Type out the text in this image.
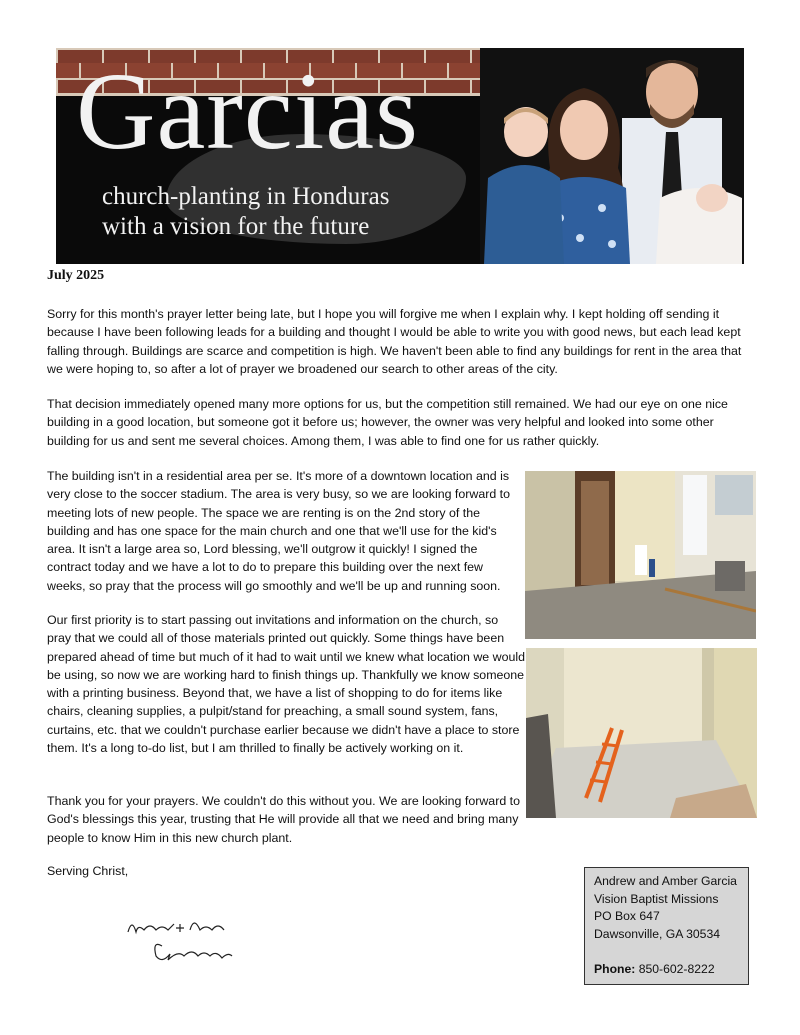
Garcias

church-planting in Honduras
with a vision for the future

July 2025

Sorry for this month's prayer letter being late, but I hope you will forgive me when I explain why. I kept holding off sending it because I have been following leads for a building and thought I would be able to write you with good news, but each lead kept falling through. Buildings are scarce and competition is high. We haven't been able to find any buildings for rent in the area that we were hoping to, so after a lot of prayer we broadened our search to other areas of the city.

That decision immediately opened many more options for us, but the competition still remained. We had our eye on one nice building in a good location, but someone got it before us; however, the owner was very helpful and looked into some other building for us and sent me several choices. Among them, I was able to find one for us rather quickly.

The building isn't in a residential area per se. It's more of a downtown location and is very close to the soccer stadium. The area is very busy, so we are looking forward to meeting lots of new people. The space we are renting is on the 2nd story of the building and has one space for the main church and one that we'll use for the kid's area. It isn't a large area so, Lord blessing, we'll outgrow it quickly! I signed the contract today and we have a lot to do to prepare this building over the next few weeks, so pray that the process will go smoothly and we'll be up and running soon.

Our first priority is to start passing out invitations and information on the church, so pray that we could all of those materials printed out quickly. Some things have been prepared ahead of time but much of it had to wait until we knew what location we would be using, so now we are working hard to finish things up. Thankfully we know someone with a printing business. Beyond that, we have a list of shopping to do for items like chairs, cleaning supplies, a pulpit/stand for preaching, a small sound system, fans, curtains, etc. that we couldn't purchase earlier because we didn't have a place to store them. It's a long to-do list, but I am thrilled to finally be actively working on it.

Thank you for your prayers. We couldn't do this without you. We are looking forward to God's blessings this year, trusting that He will provide all that we need and bring many people to know Him in this new church plant.

Serving Christ,

Andrew and Amber Garcia
Vision Baptist Missions
PO Box 647
Dawsonville, GA 30534
Phone: 850-602-8222
